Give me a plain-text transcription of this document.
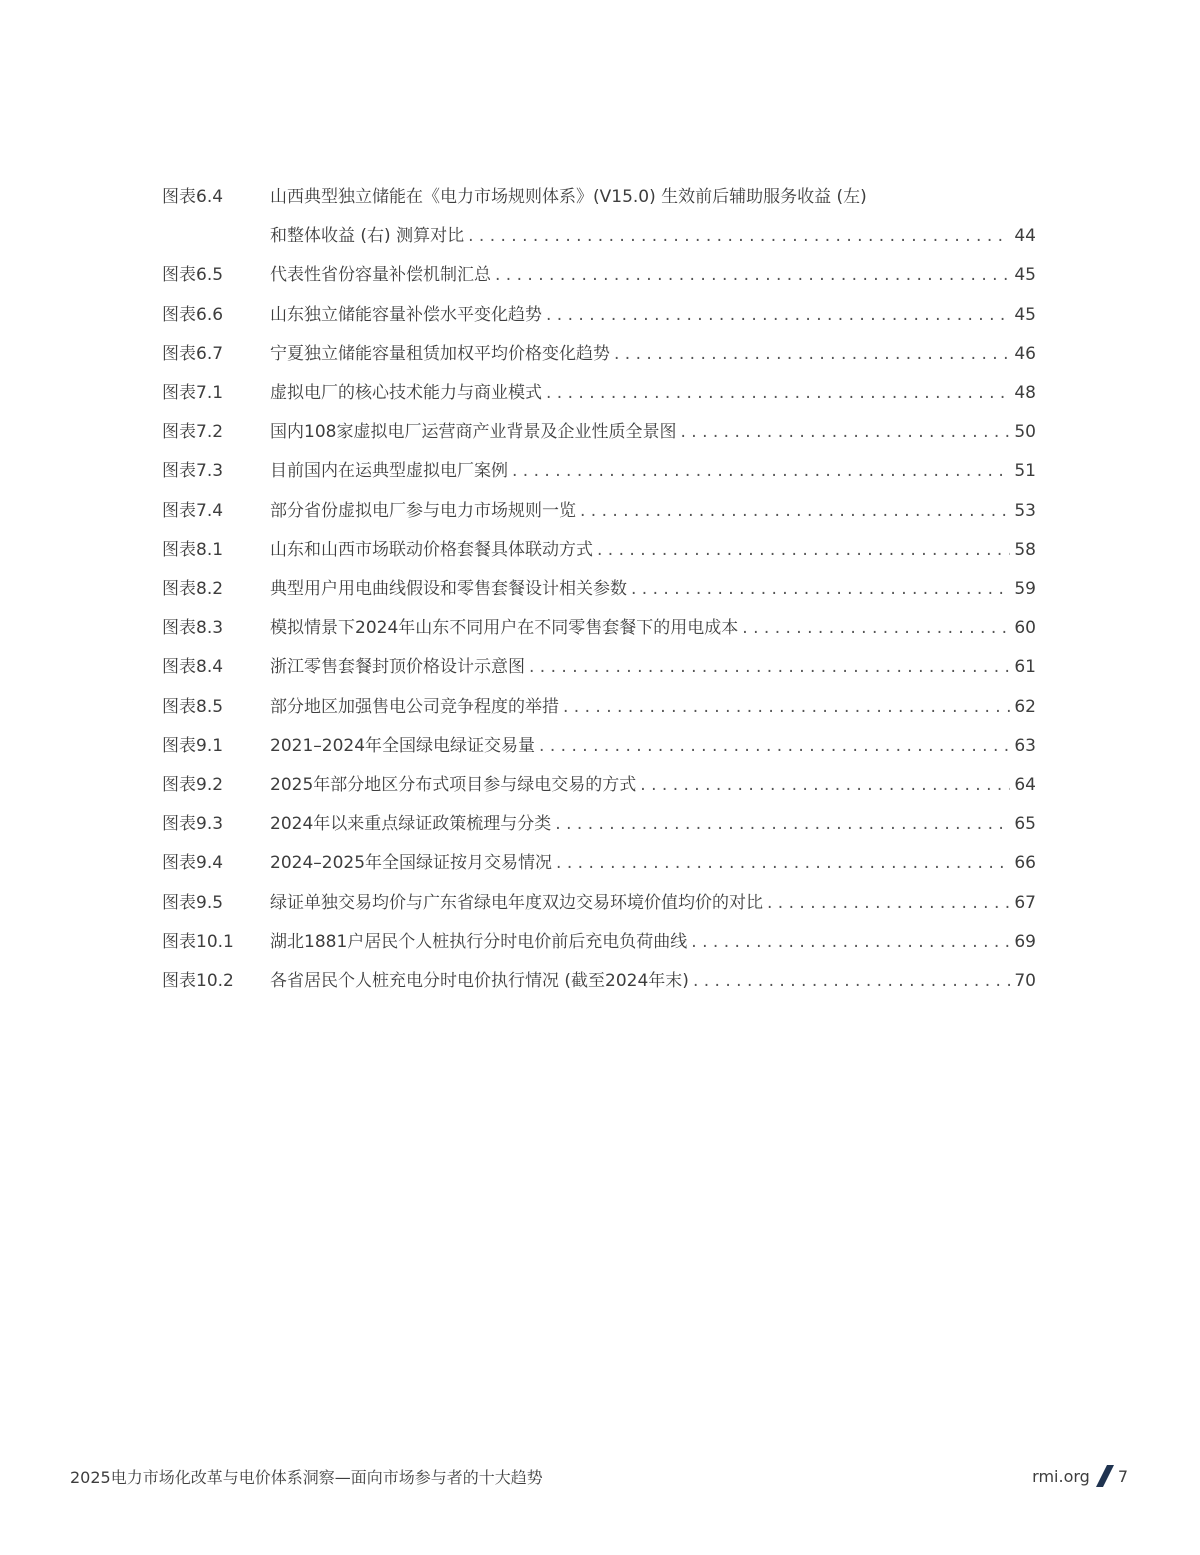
图表6.4	山西典型独立储能在《电力市场规则体系》(V15.0) 生效前后辅助服务收益 (左)
和整体收益 (右) 测算对比 . . .	44
图表6.5	代表性省份容量补偿机制汇总 . . .	45
图表6.6	山东独立储能容量补偿水平变化趋势 . . .	45
图表6.7	宁夏独立储能容量租赁加权平均价格变化趋势 . . .	46
图表7.1	虚拟电厂的核心技术能力与商业模式 . . .	48
图表7.2	国内108家虚拟电厂运营商产业背景及企业性质全景图 . . .	50
图表7.3	目前国内在运典型虚拟电厂案例 . . .	51
图表7.4	部分省份虚拟电厂参与电力市场规则一览 . . .	53
图表8.1	山东和山西市场联动价格套餐具体联动方式 . . .	58
图表8.2	典型用户用电曲线假设和零售套餐设计相关参数 . . .	59
图表8.3	模拟情景下2024年山东不同用户在不同零售套餐下的用电成本 . . .	60
图表8.4	浙江零售套餐封顶价格设计示意图 . . .	61
图表8.5	部分地区加强售电公司竞争程度的举措 . . .	62
图表9.1	2021–2024年全国绿电绿证交易量 . . .	63
图表9.2	2025年部分地区分布式项目参与绿电交易的方式 . . .	64
图表9.3	2024年以来重点绿证政策梳理与分类 . . .	65
图表9.4	2024–2025年全国绿证按月交易情况 . . .	66
图表9.5	绿证单独交易均价与广东省绿电年度双边交易环境价值均价的对比 . . .	67
图表10.1	湖北1881户居民个人桩执行分时电价前后充电负荷曲线 . . .	69
图表10.2	各省居民个人桩充电分时电价执行情况 (截至2024年末) . . .	70
2025电力市场化改革与电价体系洞察—面向市场参与者的十大趋势	rmi.org 7
